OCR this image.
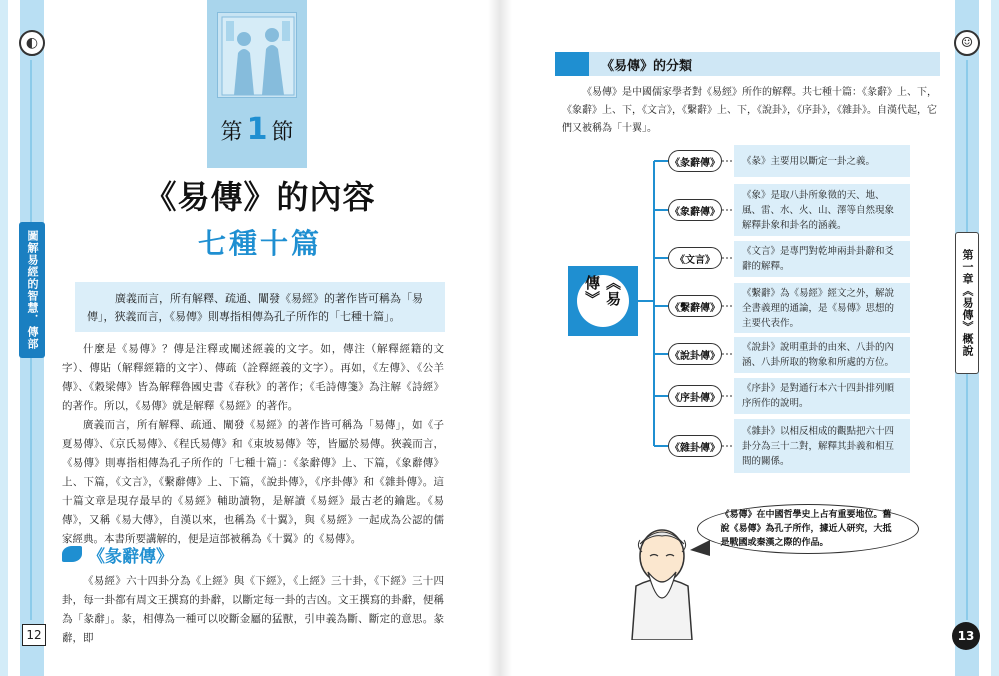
◐
圖解易經的智慧．傳部
12
第 1 節
《易傳》的內容
七種十篇

廣義而言，所有解釋、疏通、闡發《易經》的著作皆可稱為「易傳」，狹義而言，《易傳》則專指相傳為孔子所作的「七種十篇」。

什麼是《易傳》？傳是注釋或闡述經義的文字。如，傳注（解釋經籍的文字）、傳貼（解釋經籍的文字）、傳疏（詮釋經義的文字）。再如，《左傳》、《公羊傳》、《穀梁傳》皆為解釋魯國史書《春秋》的著作；《毛詩傳箋》為注解《詩經》的著作。所以，《易傳》就是解釋《易經》的著作。

廣義而言，所有解釋、疏通、闡發《易經》的著作皆可稱為「易傳」，如《子夏易傳》、《京氏易傳》、《程氏易傳》和《東坡易傳》等，皆屬於易傳。狹義而言，《易傳》則專指相傳為孔子所作的「七種十篇」：《彖辭傳》上、下篇，《象辭傳》上、下篇，《文言》，《繫辭傳》上、下篇，《說卦傳》，《序卦傳》和《雜卦傳》。這十篇文章是現存最早的《易經》輔助讀物，是解讀《易經》最古老的鑰匙。《易傳》，又稱《易大傳》，自漢以來，也稱為《十翼》，與《易經》一起成為公認的儒家經典。本書所要講解的，便是這部被稱為《十翼》的《易傳》。

《彖辭傳》

《易經》六十四卦分為《上經》與《下經》，《上經》三十卦，《下經》三十四卦，每一卦都有周文王撰寫的卦辭，以斷定每一卦的吉凶。文王撰寫的卦辭，便稱為「彖辭」。彖，相傳為一種可以咬斷金屬的猛獸，引申義為斷、斷定的意思。彖辭，即

☺
第一章《易傳》概說
13
《易傳》的分類

《易傳》是中國儒家學者對《易經》所作的解釋。共七種十篇：《彖辭》上、下，《象辭》上、下，《文言》，《繫辭》上、下，《說卦》，《序卦》，《雜卦》。自漢代起，它們又被稱為「十翼」。

《易傳》
《彖辭傳》 《彖》主要用以斷定一卦之義。
《象辭傳》
《象》是取八卦所象徵的天、地、風、雷、水、火、山、澤等自然現象解釋卦象和卦名的涵義。
《文言》
《文言》是專門對乾坤兩卦卦辭和爻辭的解釋。
《繫辭傳》
《繫辭》為《易經》經文之外，解說全書義理的通論，是《易傳》思想的主要代表作。
《說卦傳》
《說卦》說明重卦的由來、八卦的內涵、八卦所取的物象和所處的方位。
《序卦傳》
《序卦》是對通行本六十四卦排列順序所作的說明。
《雜卦傳》
《雜卦》以相反相成的觀點把六十四卦分為三十二對，解釋其卦義和相互間的關係。

《易傳》在中國哲學史上占有重要地位。舊說《易傳》為孔子所作，據近人研究，大抵是戰國或秦漢之際的作品。
